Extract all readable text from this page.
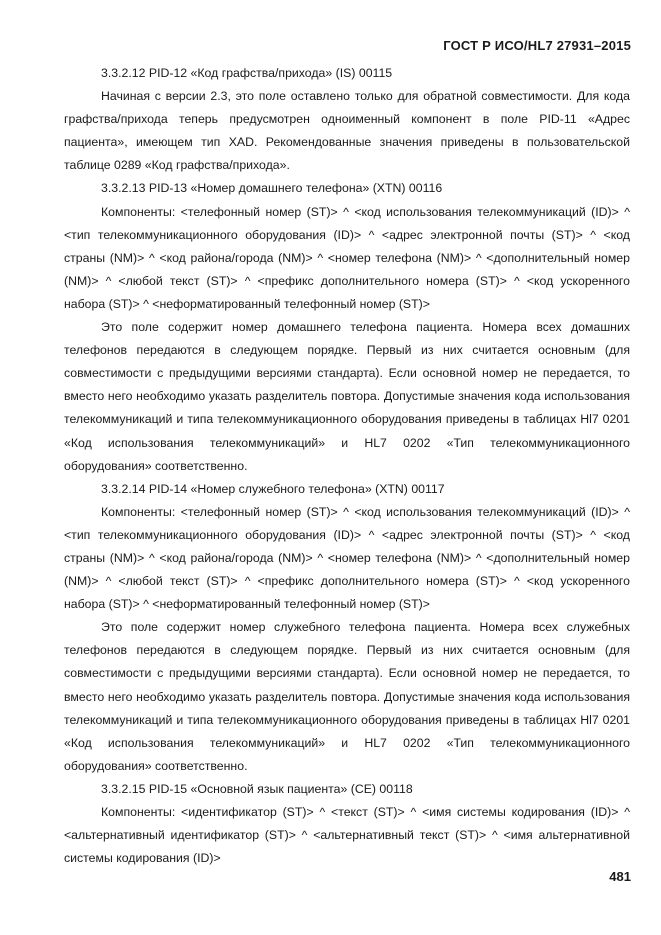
ГОСТ Р ИСО/HL7 27931–2015
3.3.2.12 PID-12 «Код графства/прихода» (IS) 00115

Начиная с версии 2.3, это поле оставлено только для обратной совместимости. Для кода графства/прихода теперь предусмотрен одноименный компонент в поле PID-11 «Адрес пациента», имеющем тип XAD. Рекомендованные значения приведены в пользовательской таблице 0289 «Код графства/прихода».

3.3.2.13 PID-13 «Номер домашнего телефона» (XTN) 00116

Компоненты: <телефонный номер (ST)> ^ <код использования телекоммуникаций (ID)> ^ <тип телекоммуникационного оборудования (ID)> ^ <адрес электронной почты (ST)> ^ <код страны (NM)> ^ <код района/города (NM)> ^ <номер телефона (NM)> ^ <дополнительный номер (NM)> ^ <любой текст (ST)> ^ <префикс дополнительного номера (ST)> ^ <код ускоренного набора (ST)> ^ <неформатированный телефонный номер (ST)>

Это поле содержит номер домашнего телефона пациента. Номера всех домашних телефонов передаются в следующем порядке. Первый из них считается основным (для совместимости с предыдущими версиями стандарта). Если основной номер не передается, то вместо него необходимо указать разделитель повтора. Допустимые значения кода использования телекоммуникаций и типа телекоммуникационного оборудования приведены в таблицах Hl7 0201 «Код использования телекоммуникаций» и HL7 0202 «Тип телекоммуникационного оборудования» соответственно.

3.3.2.14 PID-14 «Номер служебного телефона» (XTN) 00117

Компоненты: <телефонный номер (ST)> ^ <код использования телекоммуникаций (ID)> ^ <тип телекоммуникационного оборудования (ID)> ^ <адрес электронной почты (ST)> ^ <код страны (NM)> ^ <код района/города (NM)> ^ <номер телефона (NM)> ^ <дополнительный номер (NM)> ^ <любой текст (ST)> ^ <префикс дополнительного номера (ST)> ^ <код ускоренного набора (ST)> ^ <неформатированный телефонный номер (ST)>

Это поле содержит номер служебного телефона пациента. Номера всех служебных телефонов передаются в следующем порядке. Первый из них считается основным (для совместимости с предыдущими версиями стандарта). Если основной номер не передается, то вместо него необходимо указать разделитель повтора. Допустимые значения кода использования телекоммуникаций и типа телекоммуникационного оборудования приведены в таблицах Hl7 0201 «Код использования телекоммуникаций» и HL7 0202 «Тип телекоммуникационного оборудования» соответственно.

3.3.2.15 PID-15 «Основной язык пациента» (CE) 00118

Компоненты: <идентификатор (ST)> ^ <текст (ST)> ^ <имя системы кодирования (ID)> ^ <альтернативный идентификатор (ST)> ^ <альтернативный текст (ST)> ^ <имя альтернативной системы кодирования (ID)>

481
